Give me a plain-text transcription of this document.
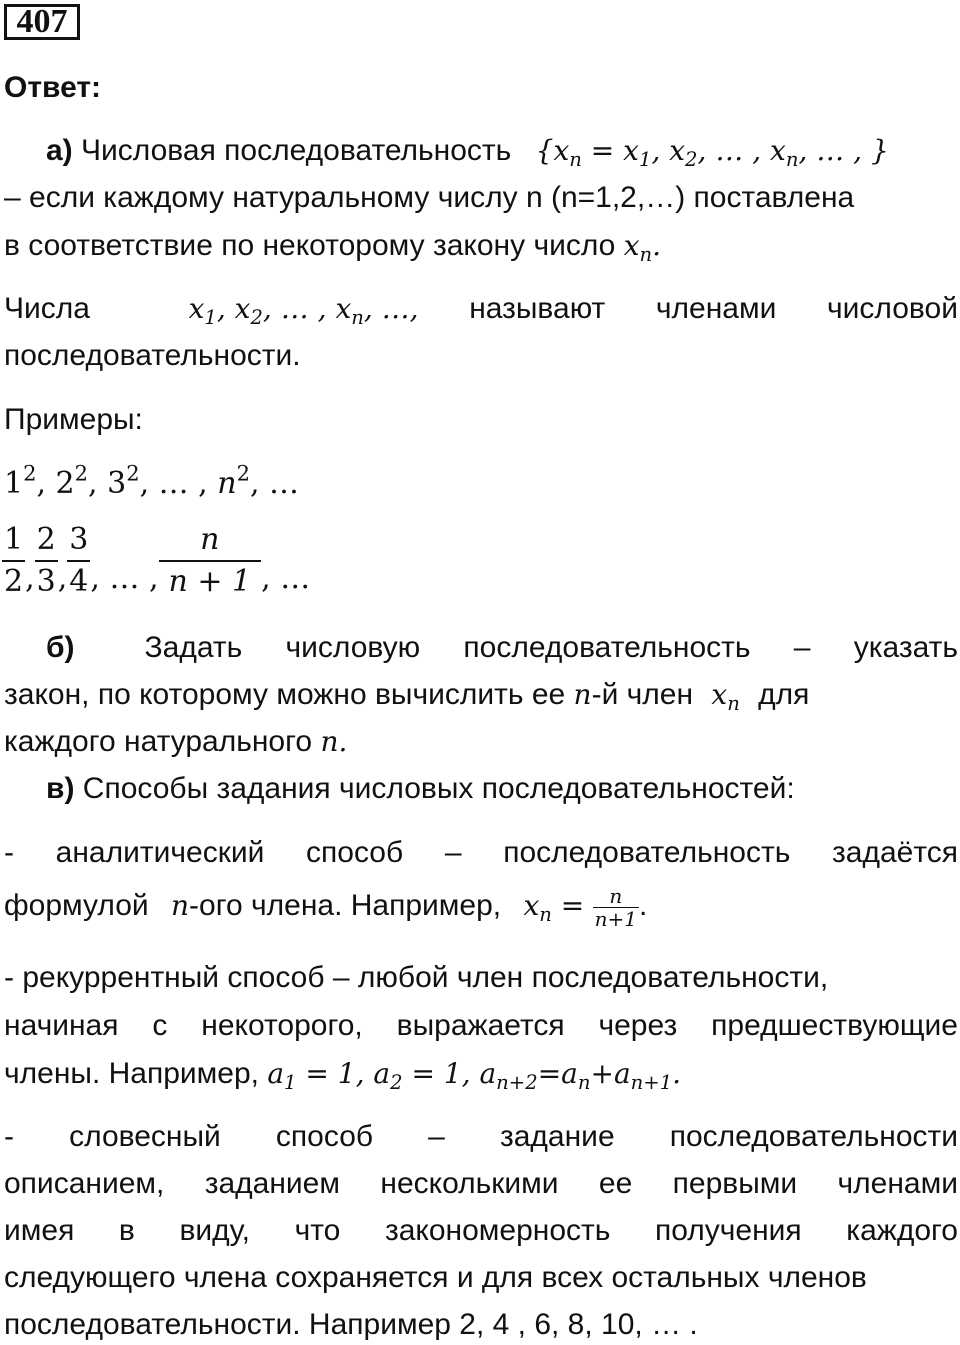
407
Ответ:
а) Числовая последовательность {$x_n = x_1$, $x_2$, … , $x_n$, … , }
– если каждому натуральному числу n (n=1,2,…) поставлена
в соответствие по некоторому закону число $x_n$.
Числа	$x_1$, $x_2$, … , $x_n$, …, называют членами числовой
последовательности.
Примеры:
$1^2$, $2^2$, $3^2$, … , $n^2$, …
$\frac{1}{2}$ , $\frac{2}{3}$ , $\frac{3}{4}$ , … , $\frac{n}{n + 1}$ , …
б) Задать числовую последовательность – указать
закон, по которому можно вычислить ее n-й член $x_n$ для
каждого натурального n.
в) Способы задания числовых последовательностей:
- аналитический способ – последовательность задаётся
формулой n-ого члена. Например, $x_n = \frac{n}{n+1}$ .
- рекуррентный способ – любой член последовательности,
начиная с некоторого, выражается через предшествующие
члены. Например, $a_1 = 1$, $a_2 = 1$, $a_{n+2}=a_n+a_{n+1}$.
- словесный способ – задание последовательности
описанием, заданием несколькими ее первыми членами
имея в виду, что закономерность получения каждого
следующего члена сохраняется и для всех остальных членов
последовательности. Например 2, 4 , 6, 8, 10, … .
